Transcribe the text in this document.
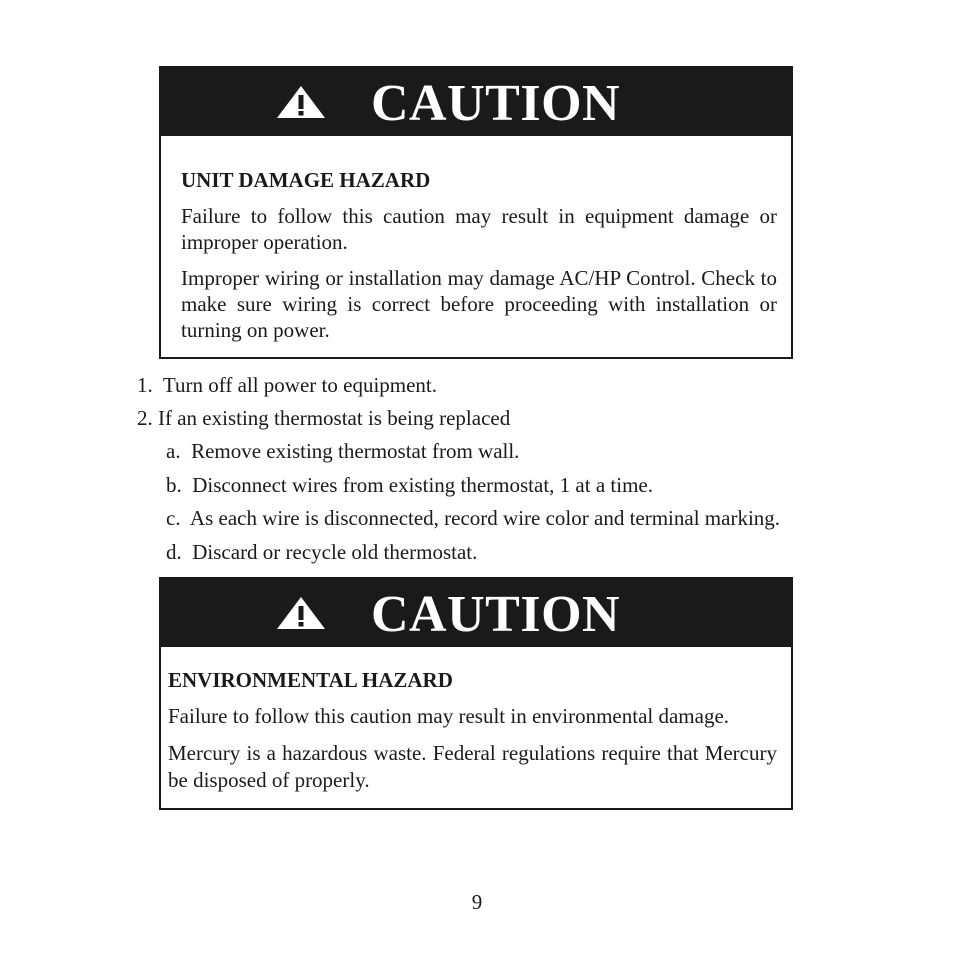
CAUTION
UNIT DAMAGE HAZARD

Failure to follow this caution may result in equipment damage or improper operation.

Improper wiring or installation may damage AC/HP Control. Check to make sure wiring is correct before proceeding with installation or turning on power.

1. Turn off all power to equipment.
2. If an existing thermostat is being replaced
a. Remove existing thermostat from wall.
b. Disconnect wires from existing thermostat, 1 at a time.
c. As each wire is disconnected, record wire color and terminal marking.
d. Discard or recycle old thermostat.
CAUTION
ENVIRONMENTAL HAZARD

Failure to follow this caution may result in environmental damage.

Mercury is a hazardous waste. Federal regulations require that Mercury be disposed of properly.

9
